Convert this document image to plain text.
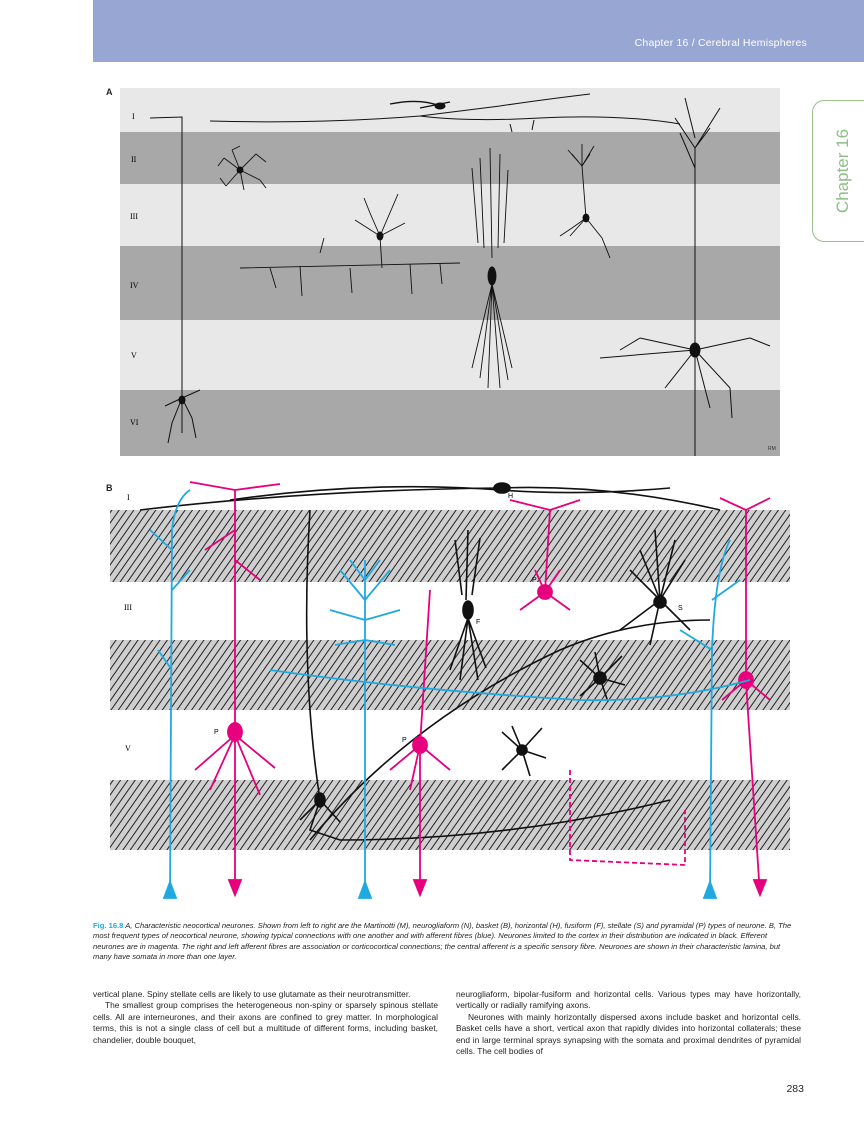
Chapter 16 / Cerebral Hemispheres
Chapter 16
A
I
II
III
IV
V
VI
RM
B
I
III
V
H
P
S
F
P
P
Fig. 16.8 A, Characteristic neocortical neurones. Shown from left to right are the Martinotti (M), neurogliaform (N), basket (B), horizontal (H), fusiform (F), stellate (S) and pyramidal (P) types of neurone. B, The most frequent types of neocortical neurone, showing typical connections with one another and with afferent fibres (blue). Neurones limited to the cortex in their distribution are indicated in black. Efferent neurones are in magenta. The right and left afferent fibres are association or corticocortical connections; the central afferent is a specific sensory fibre. Neurones are shown in their characteristic lamina, but many have somata in more than one layer.

vertical plane. Spiny stellate cells are likely to use glutamate as their neurotransmitter.

The smallest group comprises the heterogeneous non-spiny or sparsely spinous stellate cells. All are interneurones, and their axons are confined to grey matter. In morphological terms, this is not a single class of cell but a multitude of different forms, including basket, chandelier, double bouquet,

neurogliaform, bipolar-fusiform and horizontal cells. Various types may have horizontally, vertically or radially ramifying axons.

Neurones with mainly horizontally dispersed axons include basket and horizontal cells. Basket cells have a short, vertical axon that rapidly divides into horizontal collaterals; these end in large terminal sprays synapsing with the somata and proximal dendrites of pyramidal cells. The cell bodies of

283
